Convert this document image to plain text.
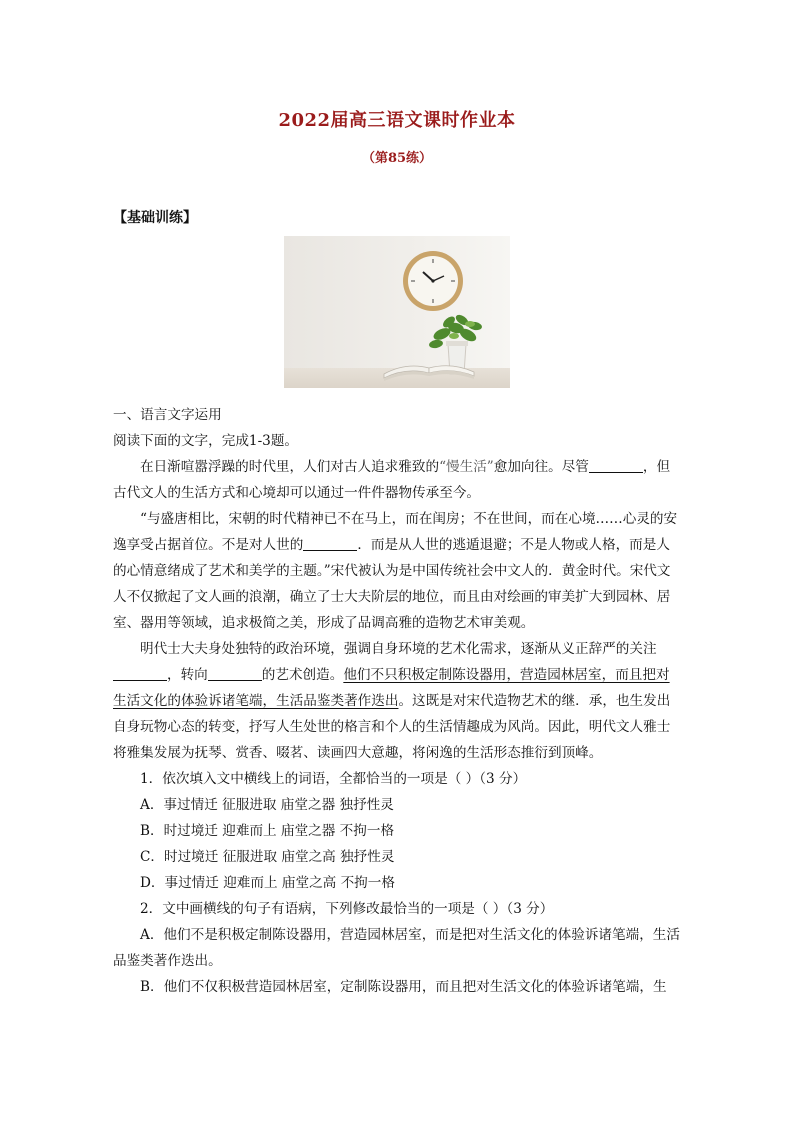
2022届高三语文课时作业本
（第85练）
【基础训练】

一、语言文字运用

阅读下面的文字，完成1-3题。

在日渐喧嚣浮躁的时代里，人们对古人追求雅致的“慢生活”愈加向往。尽管	，但古代文人的生活方式和心境却可以通过一件件器物传承至今。

“与盛唐相比，宋朝的时代精神已不在马上，而在闺房；不在世间，而在心境……心灵的安逸享受占据首位。不是对人世的	．而是从人世的逃遁退避；不是人物或人格，而是人的心情意绪成了艺术和美学的主题。”宋代被认为是中国传统社会中文人的．黄金时代。宋代文人不仅掀起了文人画的浪潮，确立了士大夫阶层的地位，而且由对绘画的审美扩大到园林、居室、器用等领域，追求极简之美，形成了品调高雅的造物艺术审美观。

明代士大夫身处独特的政治环境，强调自身环境的艺术化需求，逐渐从义正辞严的关注，转向	的艺术创造。他们不只积极定制陈设器用，营造园林居室，而且把对生活文化的体验诉诸笔端，生活品鉴类著作迭出。这既是对宋代造物艺术的继．承，也生发出自身玩物心态的转变，抒写人生处世的格言和个人的生活情趣成为风尚。因此，明代文人雅士将雅集发展为抚琴、赏香、啜茗、读画四大意趣，将闲逸的生活形态推衍到顶峰。

1．依次填入文中横线上的词语，全都恰当的一项是（ ）（3 分）

A．事过情迁 征服进取 庙堂之器 独抒性灵

B．时过境迁 迎难而上 庙堂之器 不拘一格

C．时过境迁 征服进取 庙堂之高 独抒性灵

D．事过情迁 迎难而上 庙堂之高 不拘一格

2．文中画横线的句子有语病，下列修改最恰当的一项是（ ）（3 分）

A．他们不是积极定制陈设器用，营造园林居室，而是把对生活文化的体验诉诸笔端，生活品鉴类著作迭出。

B．他们不仅积极营造园林居室，定制陈设器用，而且把对生活文化的体验诉诸笔端，生
